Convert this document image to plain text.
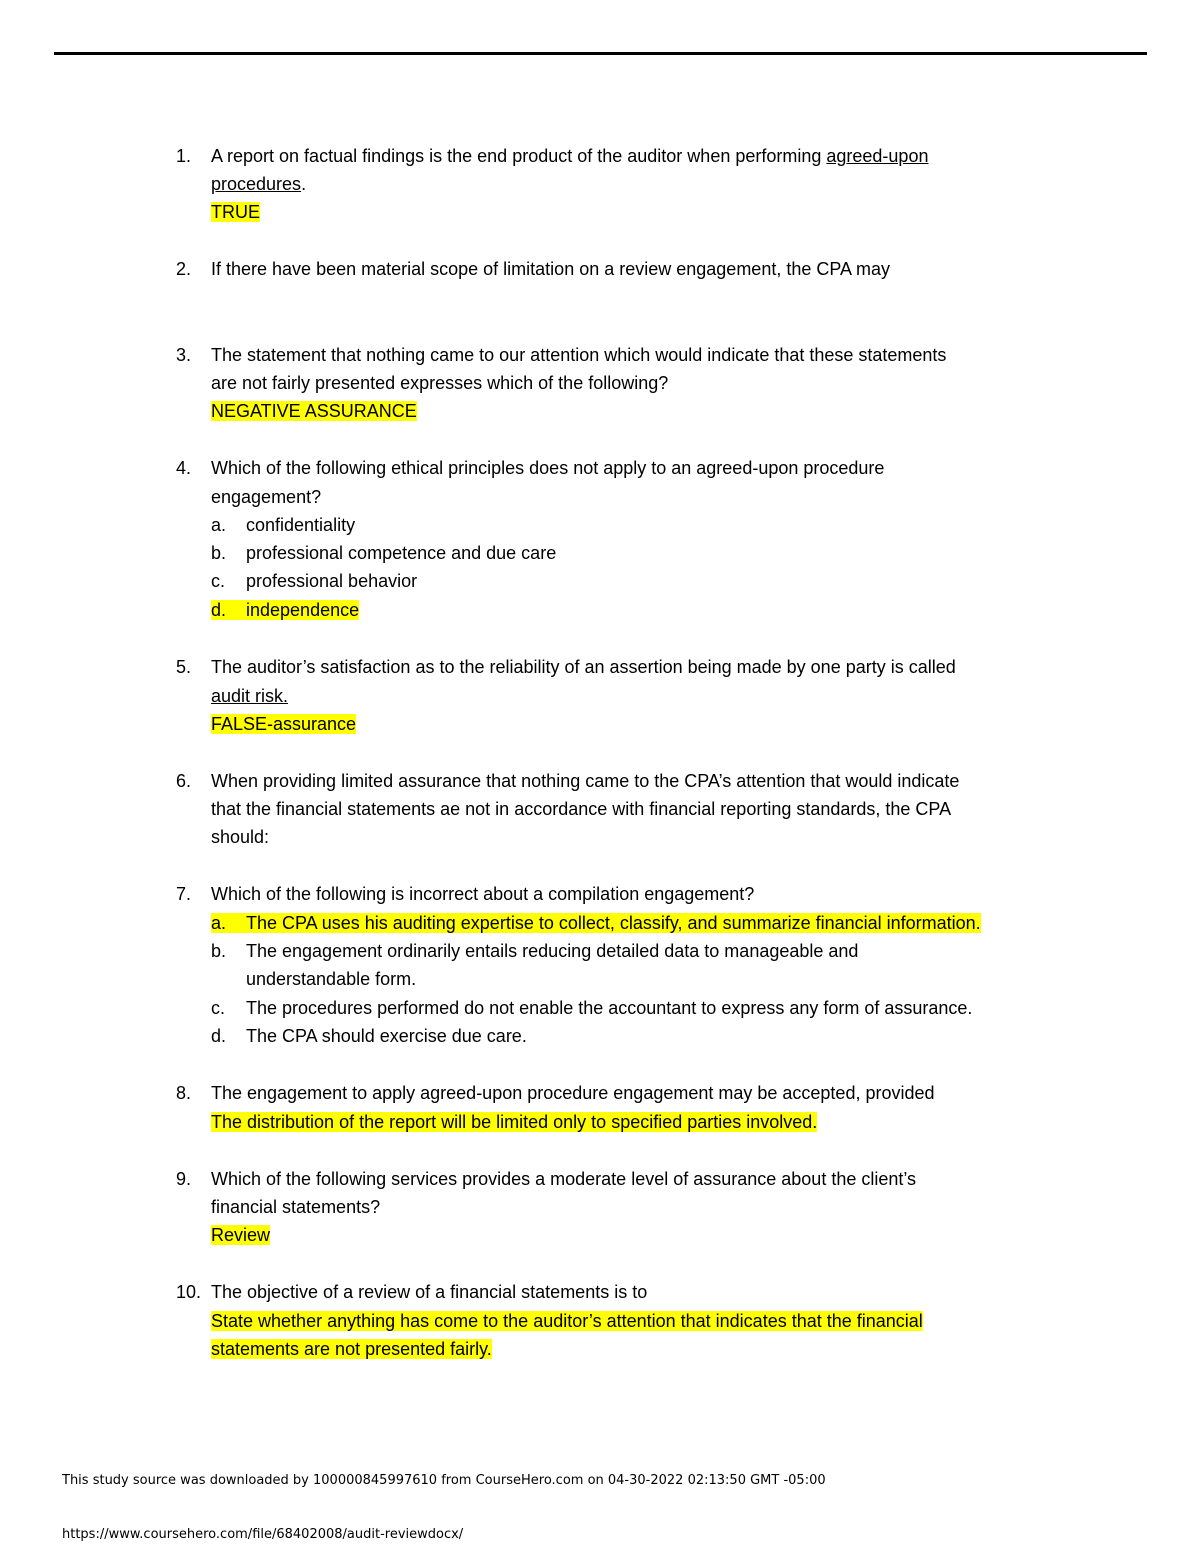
1.	A report on factual findings is the end product of the auditor when performing agreed-upon
procedures.
TRUE
2.	If there have been material scope of limitation on a review engagement, the CPA may
3.	The statement that nothing came to our attention which would indicate that these statements
are not fairly presented expresses which of the following?
NEGATIVE ASSURANCE
4.	Which of the following ethical principles does not apply to an agreed-upon procedure
engagement?
a. confidentiality
b. professional competence and due care
c. professional behavior
d. independence
5.	The auditor’s satisfaction as to the reliability of an assertion being made by one party is called
audit risk.
FALSE-assurance
6.	When providing limited assurance that nothing came to the CPA’s attention that would indicate
that the financial statements ae not in accordance with financial reporting standards, the CPA
should:
7.	Which of the following is incorrect about a compilation engagement?
a. The CPA uses his auditing expertise to collect, classify, and summarize financial information.
b. The engagement ordinarily entails reducing detailed data to manageable and
understandable form.
c. The procedures performed do not enable the accountant to express any form of assurance.
d. The CPA should exercise due care.
8.	The engagement to apply agreed-upon procedure engagement may be accepted, provided
The distribution of the report will be limited only to specified parties involved.
9.	Which of the following services provides a moderate level of assurance about the client’s
financial statements?
Review
10. The objective of a review of a financial statements is to
State whether anything has come to the auditor’s attention that indicates that the financial
statements are not presented fairly.
This study source was downloaded by 100000845997610 from CourseHero.com on 04-30-2022 02:13:50 GMT -05:00
https://www.coursehero.com/file/68402008/audit-reviewdocx/
